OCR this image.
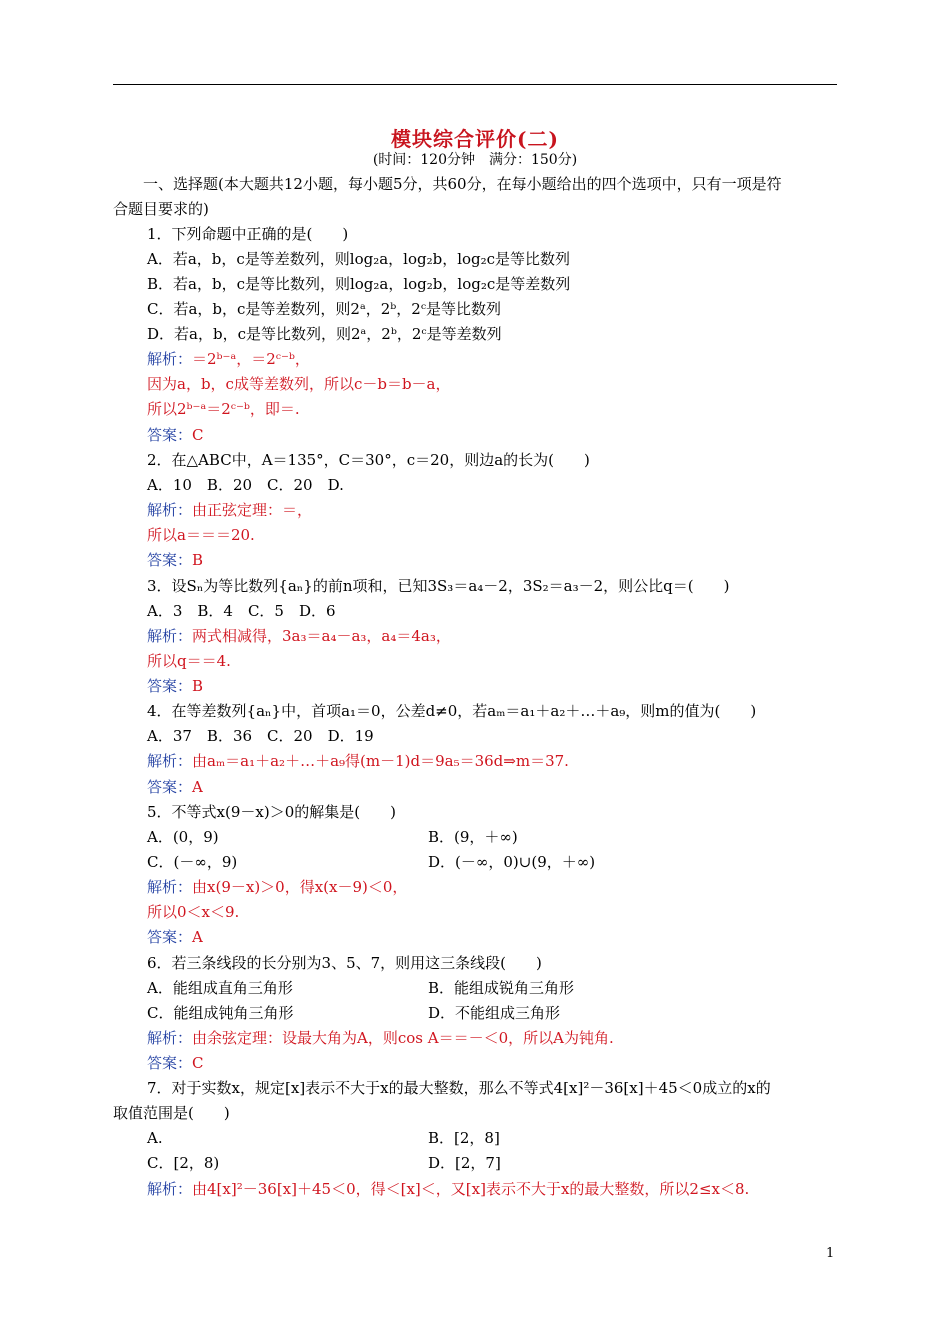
模块综合评价(二)
(时间：120分钟　满分：150分)
　　一、选择题(本大题共12小题，每小题5分，共60分，在每小题给出的四个选项中，只有一项是符
合题目要求的)
1．下列命题中正确的是(　　)
A．若a，b，c是等差数列，则log₂a，log₂b，log₂c是等比数列
B．若a，b，c是等比数列，则log₂a，log₂b，log₂c是等差数列
C．若a，b，c是等差数列，则2ᵃ，2ᵇ，2ᶜ是等比数列
D．若a，b，c是等比数列，则2ᵃ，2ᵇ，2ᶜ是等差数列
解析：＝2ᵇ⁻ᵃ，＝2ᶜ⁻ᵇ，
因为a，b，c成等差数列，所以c－b＝b－a，
所以2ᵇ⁻ᵃ＝2ᶜ⁻ᵇ，即＝.
答案：C
2．在△ABC中，A＝135°，C＝30°，c＝20，则边a的长为(　　)
A．10　B．20　C．20　D.
解析：由正弦定理：＝，
所以a＝＝＝20.
答案：B
3．设Sₙ为等比数列{aₙ}的前n项和，已知3S₃＝a₄－2，3S₂＝a₃－2，则公比q＝(　　)
A．3　B．4　C．5　D．6
解析：两式相减得，3a₃＝a₄－a₃，a₄＝4a₃，
所以q＝＝4.
答案：B
4．在等差数列{aₙ}中，首项a₁＝0，公差d≠0，若aₘ＝a₁＋a₂＋…＋a₉，则m的值为(　　)
A．37　B．36　C．20　D．19
解析：由aₘ＝a₁＋a₂＋…＋a₉得(m－1)d＝9a₅＝36d⇒m＝37.
答案：A
5．不等式x(9－x)＞0的解集是(　　)
A．(0，9)	B．(9，＋∞)
C．(－∞，9)	D．(－∞，0)∪(9，＋∞)
解析：由x(9－x)＞0，得x(x－9)＜0，
所以0＜x＜9.
答案：A
6．若三条线段的长分别为3、5、7，则用这三条线段(　　)
A．能组成直角三角形	B．能组成锐角三角形
C．能组成钝角三角形	D．不能组成三角形
解析：由余弦定理：设最大角为A，则cos A＝＝－＜0，所以A为钝角.
答案：C
7．对于实数x，规定[x]表示不大于x的最大整数，那么不等式4[x]²－36[x]＋45＜0成立的x的
取值范围是(　　)
A.	B．[2，8]
C．[2，8)	D．[2，7]
解析：由4[x]²－36[x]＋45＜0，得＜[x]＜，又[x]表示不大于x的最大整数，所以2≤x＜8.
1
